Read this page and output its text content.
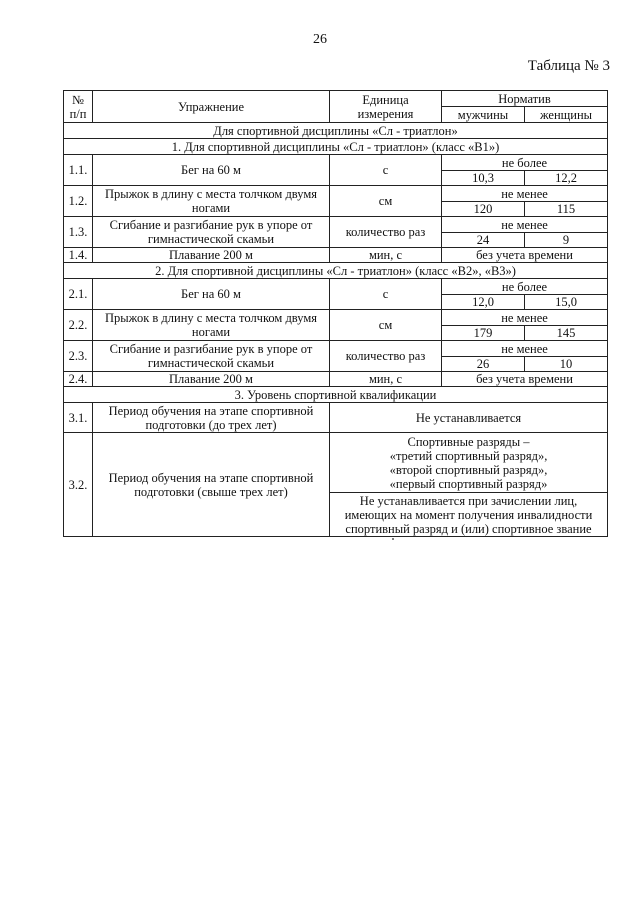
26
Таблица № 3
№ п/п	Упражнение	Единица измерения	Норматив	
			мужчины	женщины
Для спортивной дисциплины «Сл - триатлон»				
1. Для спортивной дисциплины «Сл - триатлон» (класс «В1»)				
1.1.	Бег на 60 м	с	не более	
			10,3	12,2
1.2.	Прыжок в длину с места толчком двумя ногами	см	не менее	
			120	115
1.3.	Сгибание и разгибание рук в упоре от гимнастической скамьи	количество раз	не менее	
			24	9
1.4.	Плавание 200 м	мин, с	без учета времени	
2. Для спортивной дисциплины «Сл - триатлон» (класс «В2», «В3»)				
2.1.	Бег на 60 м	с	не более	
			12,0	15,0
2.2.	Прыжок в длину с места толчком двумя ногами	см	не менее	
			179	145
2.3.	Сгибание и разгибание рук в упоре от гимнастической скамьи	количество раз	не менее	
			26	10
2.4.	Плавание 200 м	мин, с	без учета времени	
3. Уровень спортивной квалификации				
3.1.	Период обучения на этапе спортивной подготовки (до трех лет)	Не устанавливается		
3.2.	Период обучения на этапе спортивной подготовки (свыше трех лет)	Спортивные разряды –
«третий спортивный разряд»,
«второй спортивный разряд»,
«первый спортивный разряд»		

		Не устанавливается при зачислении лиц, имеющих на момент получения инвалидности спортивный разряд и (или) спортивное звание		
